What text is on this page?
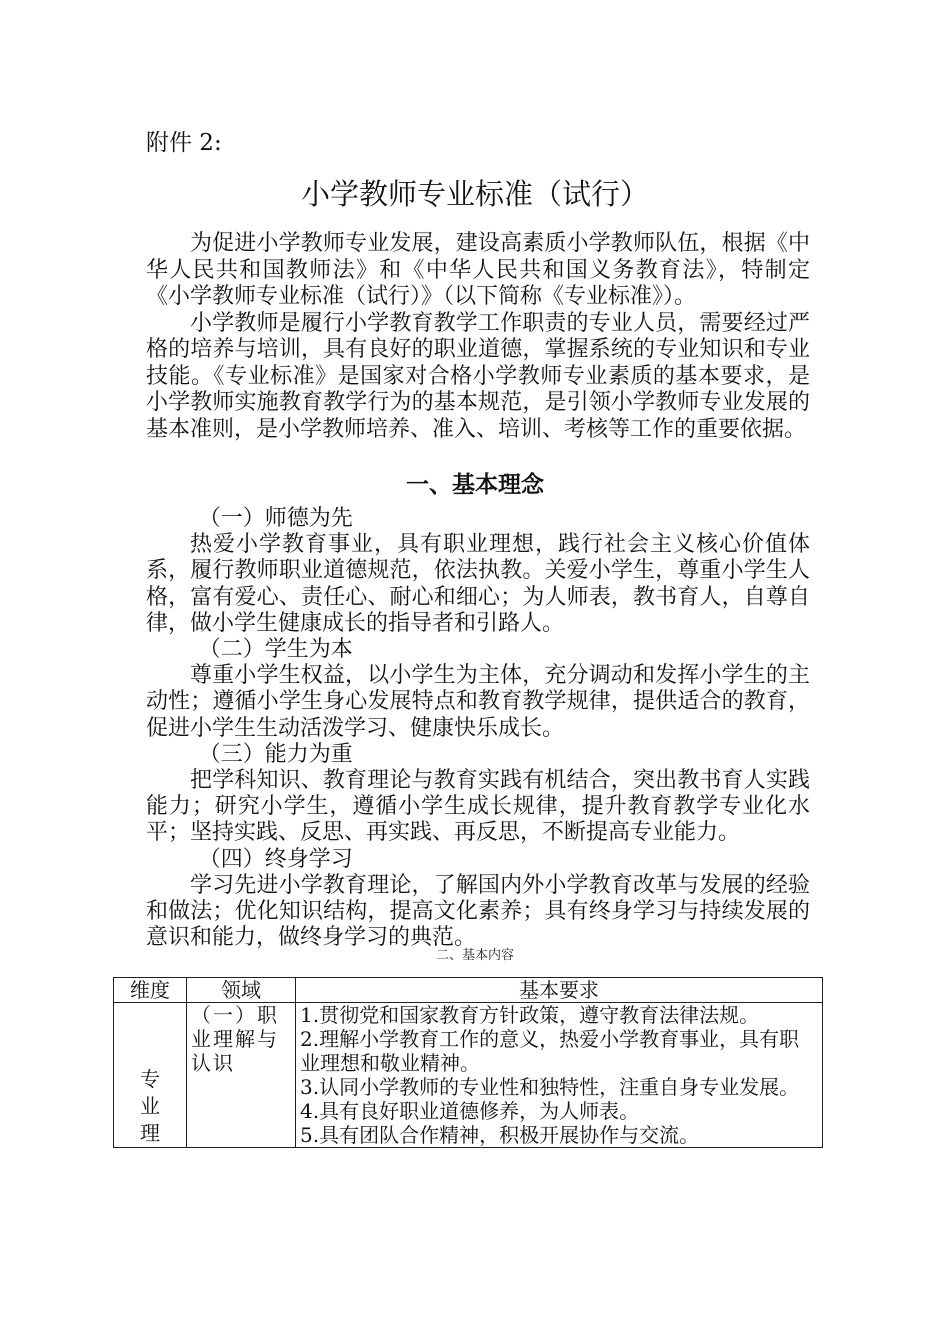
附件 2:
小学教师专业标准（试行）

为促进小学教师专业发展，建设高素质小学教师队伍，根据《中华人民共和国教师法》和《中华人民共和国义务教育法》，特制定《小学教师专业标准（试行）》（以下简称《专业标准》）。

小学教师是履行小学教育教学工作职责的专业人员，需要经过严格的培养与培训，具有良好的职业道德，掌握系统的专业知识和专业技能。《专业标准》是国家对合格小学教师专业素质的基本要求，是小学教师实施教育教学行为的基本规范，是引领小学教师专业发展的基本准则，是小学教师培养、准入、培训、考核等工作的重要依据。

一、基本理念

（一）师德为先

热爱小学教育事业，具有职业理想，践行社会主义核心价值体系，履行教师职业道德规范，依法执教。关爱小学生，尊重小学生人格，富有爱心、责任心、耐心和细心；为人师表，教书育人，自尊自律，做小学生健康成长的指导者和引路人。

（二）学生为本

尊重小学生权益，以小学生为主体，充分调动和发挥小学生的主动性；遵循小学生身心发展特点和教育教学规律，提供适合的教育，促进小学生生动活泼学习、健康快乐成长。

（三）能力为重

把学科知识、教育理论与教育实践有机结合，突出教书育人实践能力；研究小学生，遵循小学生成长规律，提升教育教学专业化水平；坚持实践、反思、再实践、再反思，不断提高专业能力。

（四）终身学习

学习先进小学教育理论，了解国内外小学教育改革与发展的经验和做法；优化知识结构，提高文化素养；具有终身学习与持续发展的意识和能力，做终身学习的典范。

二、基本内容
维度	领域	基本要求

专业理	（一）职业理解与认识	1.贯彻党和国家教育方针政策，遵守教育法律法规。

2.理解小学教育工作的意义，热爱小学教育事业，具有职业理想和敬业精神。

3.认同小学教师的专业性和独特性，注重自身专业发展。

4.具有良好职业道德修养，为人师表。

5.具有团队合作精神，积极开展协作与交流。
